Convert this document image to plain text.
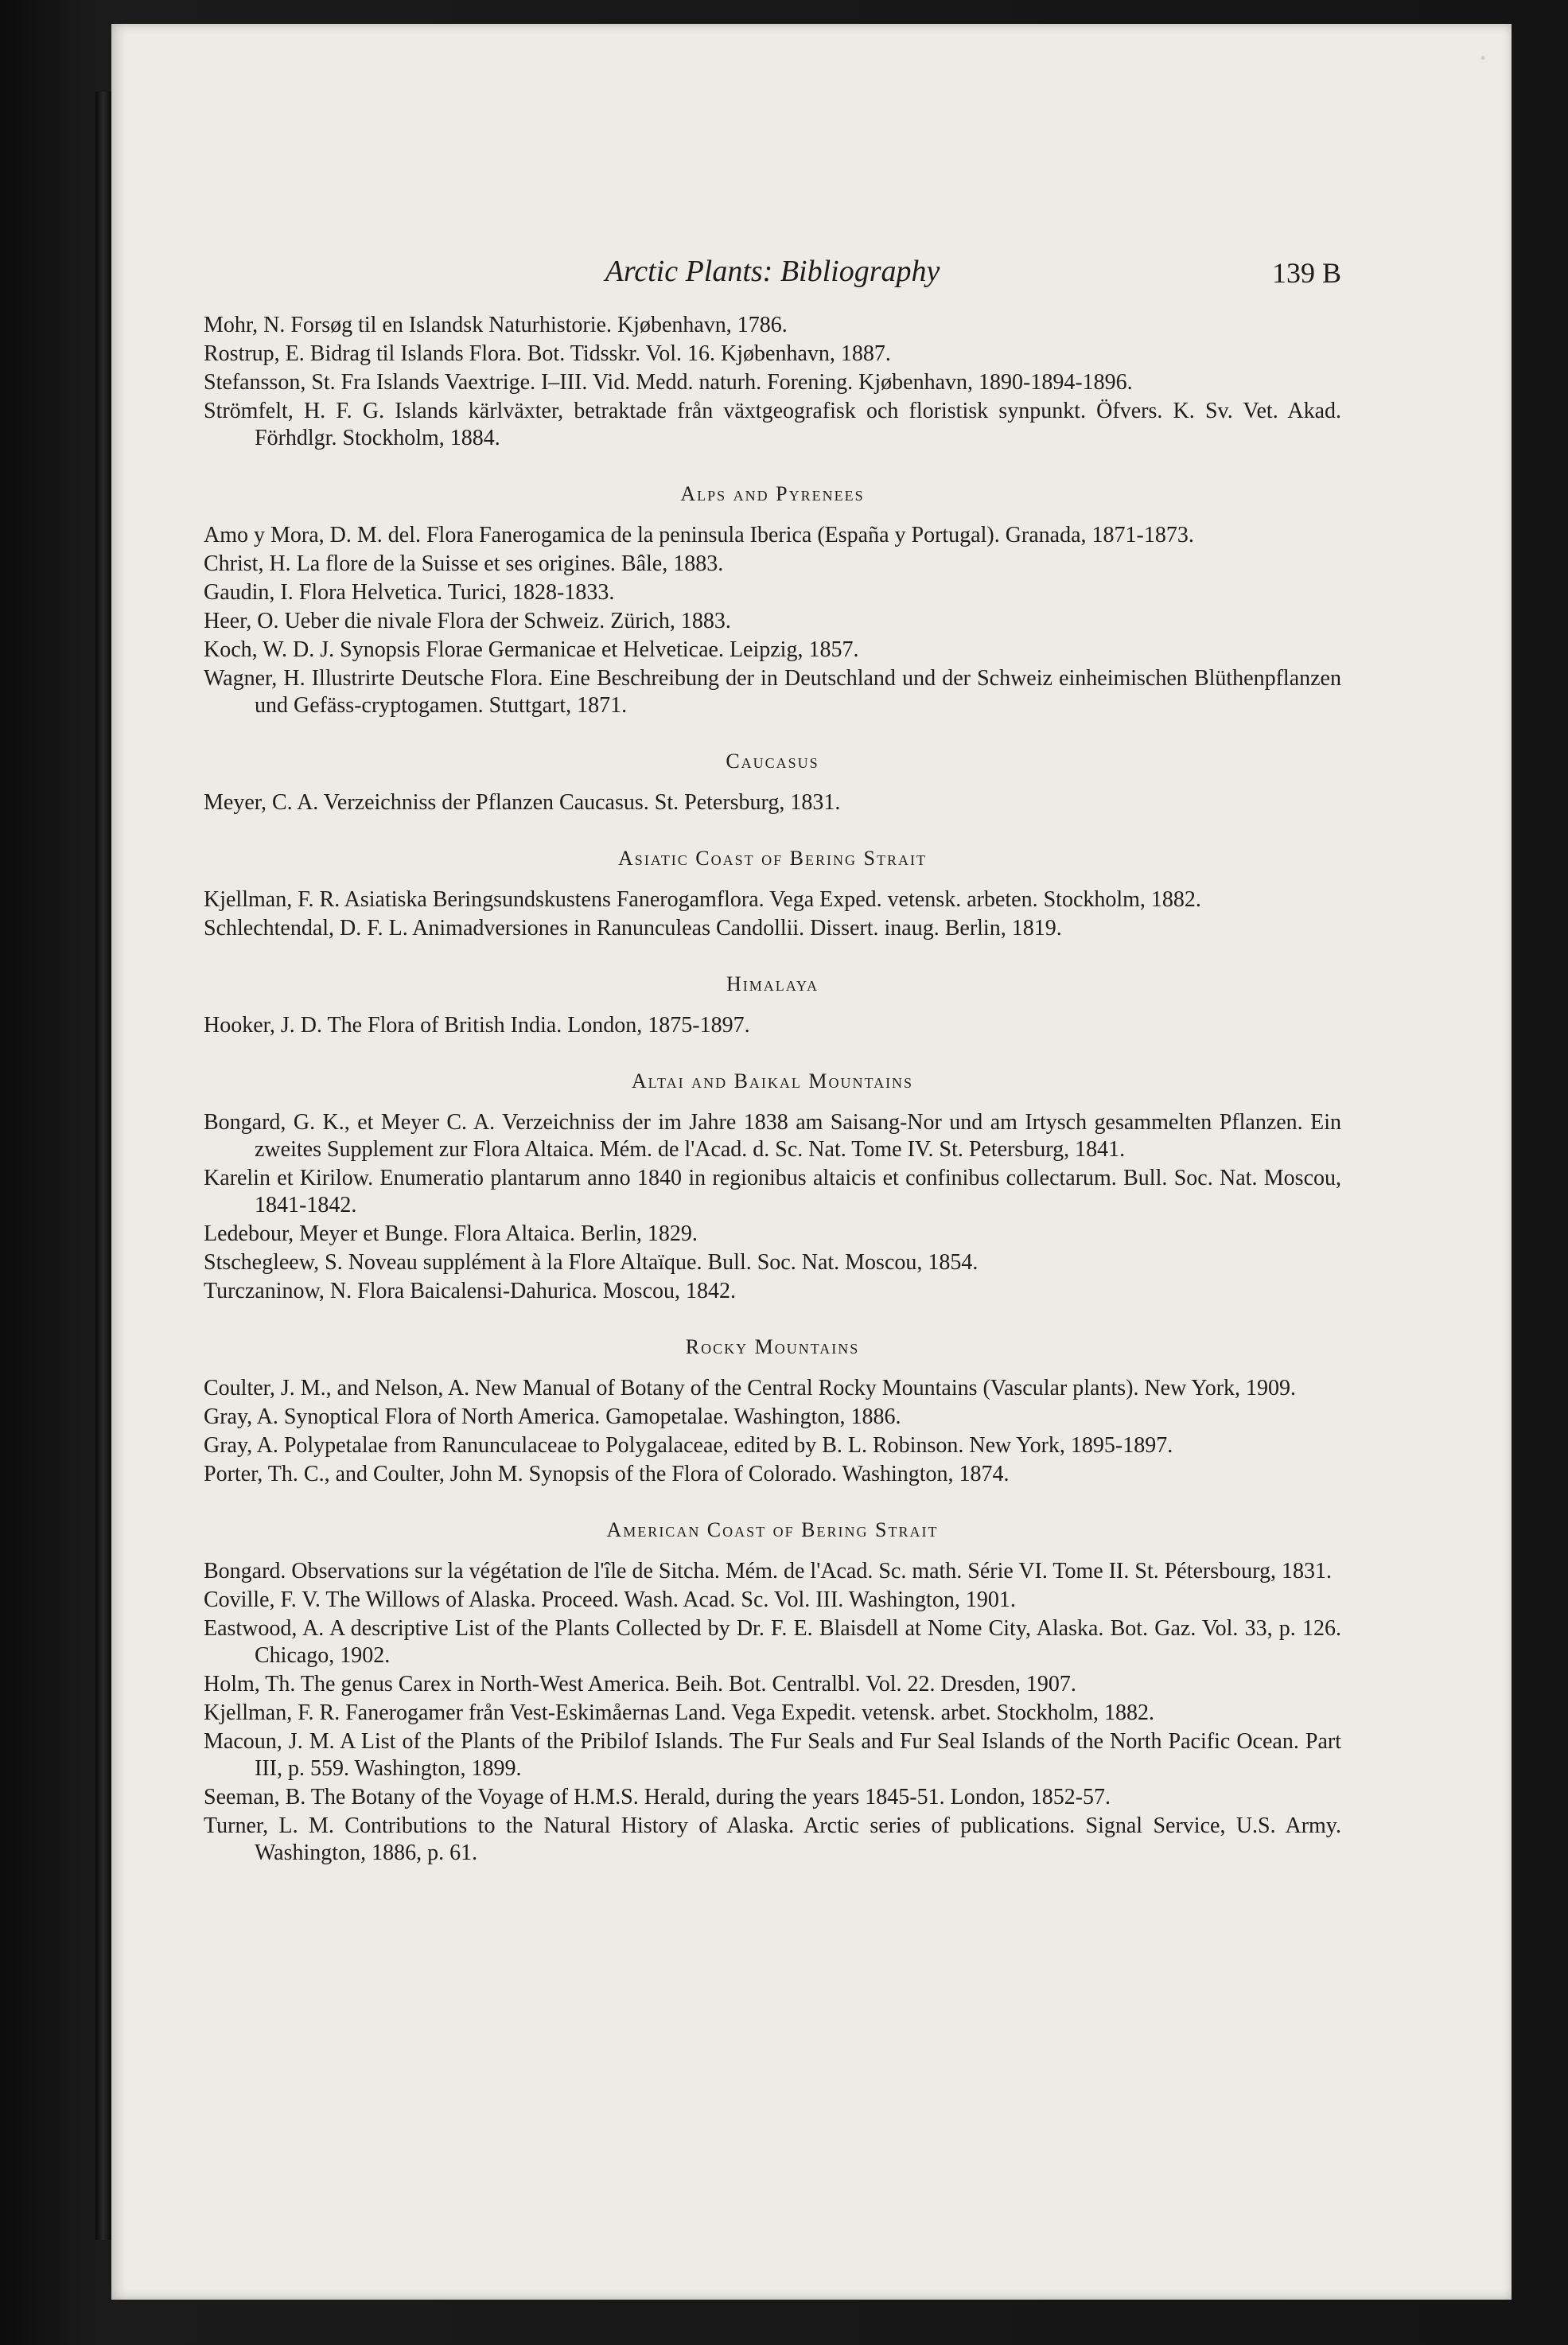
•
Arctic Plants: Bibliography	139 B
Mohr, N. Forsøg til en Islandsk Naturhistorie. Kjøbenhavn, 1786.
Rostrup, E. Bidrag til Islands Flora. Bot. Tidsskr. Vol. 16. Kjøbenhavn, 1887.
Stefansson, St. Fra Islands Vaextrige. I–III. Vid. Medd. naturh. Forening. Kjøbenhavn, 1890-1894-1896.
Strömfelt, H. F. G. Islands kärlväxter, betraktade från växtgeografisk och floristisk synpunkt. Öfvers. K. Sv. Vet. Akad. Förhdlgr. Stockholm, 1884.
Alps and Pyrenees
Amo y Mora, D. M. del. Flora Fanerogamica de la peninsula Iberica (España y Portugal). Granada, 1871-1873.
Christ, H. La flore de la Suisse et ses origines. Bâle, 1883.
Gaudin, I. Flora Helvetica. Turici, 1828-1833.
Heer, O. Ueber die nivale Flora der Schweiz. Zürich, 1883.
Koch, W. D. J. Synopsis Florae Germanicae et Helveticae. Leipzig, 1857.
Wagner, H. Illustrirte Deutsche Flora. Eine Beschreibung der in Deutschland und der Schweiz einheimischen Blüthenpflanzen und Gefäss-cryptogamen. Stuttgart, 1871.
Caucasus
Meyer, C. A. Verzeichniss der Pflanzen Caucasus. St. Petersburg, 1831.
Asiatic Coast of Bering Strait
Kjellman, F. R. Asiatiska Beringsundskustens Fanerogamflora. Vega Exped. vetensk. arbeten. Stockholm, 1882.
Schlechtendal, D. F. L. Animadversiones in Ranunculeas Candollii. Dissert. inaug. Berlin, 1819.
Himalaya
Hooker, J. D. The Flora of British India. London, 1875-1897.
Altai and Baikal Mountains
Bongard, G. K., et Meyer C. A. Verzeichniss der im Jahre 1838 am Saisang-Nor und am Irtysch gesammelten Pflanzen. Ein zweites Supplement zur Flora Altaica. Mém. de l'Acad. d. Sc. Nat. Tome IV. St. Petersburg, 1841.
Karelin et Kirilow. Enumeratio plantarum anno 1840 in regionibus altaicis et confinibus collectarum. Bull. Soc. Nat. Moscou, 1841-1842.
Ledebour, Meyer et Bunge. Flora Altaica. Berlin, 1829.
Stschegleew, S. Noveau supplément à la Flore Altaïque. Bull. Soc. Nat. Moscou, 1854.
Turczaninow, N. Flora Baicalensi-Dahurica. Moscou, 1842.
Rocky Mountains
Coulter, J. M., and Nelson, A. New Manual of Botany of the Central Rocky Mountains (Vascular plants). New York, 1909.
Gray, A. Synoptical Flora of North America. Gamopetalae. Washington, 1886.
Gray, A. Polypetalae from Ranunculaceae to Polygalaceae, edited by B. L. Robinson. New York, 1895-1897.
Porter, Th. C., and Coulter, John M. Synopsis of the Flora of Colorado. Washington, 1874.
American Coast of Bering Strait
Bongard. Observations sur la végétation de l'île de Sitcha. Mém. de l'Acad. Sc. math. Série VI. Tome II. St. Pétersbourg, 1831.
Coville, F. V. The Willows of Alaska. Proceed. Wash. Acad. Sc. Vol. III. Washington, 1901.
Eastwood, A. A descriptive List of the Plants Collected by Dr. F. E. Blaisdell at Nome City, Alaska. Bot. Gaz. Vol. 33, p. 126. Chicago, 1902.
Holm, Th. The genus Carex in North-West America. Beih. Bot. Centralbl. Vol. 22. Dresden, 1907.
Kjellman, F. R. Fanerogamer från Vest-Eskimåernas Land. Vega Expedit. vetensk. arbet. Stockholm, 1882.
Macoun, J. M. A List of the Plants of the Pribilof Islands. The Fur Seals and Fur Seal Islands of the North Pacific Ocean. Part III, p. 559. Washington, 1899.
Seeman, B. The Botany of the Voyage of H.M.S. Herald, during the years 1845-51. London, 1852-57.
Turner, L. M. Contributions to the Natural History of Alaska. Arctic series of publications. Signal Service, U.S. Army. Washington, 1886, p. 61.
